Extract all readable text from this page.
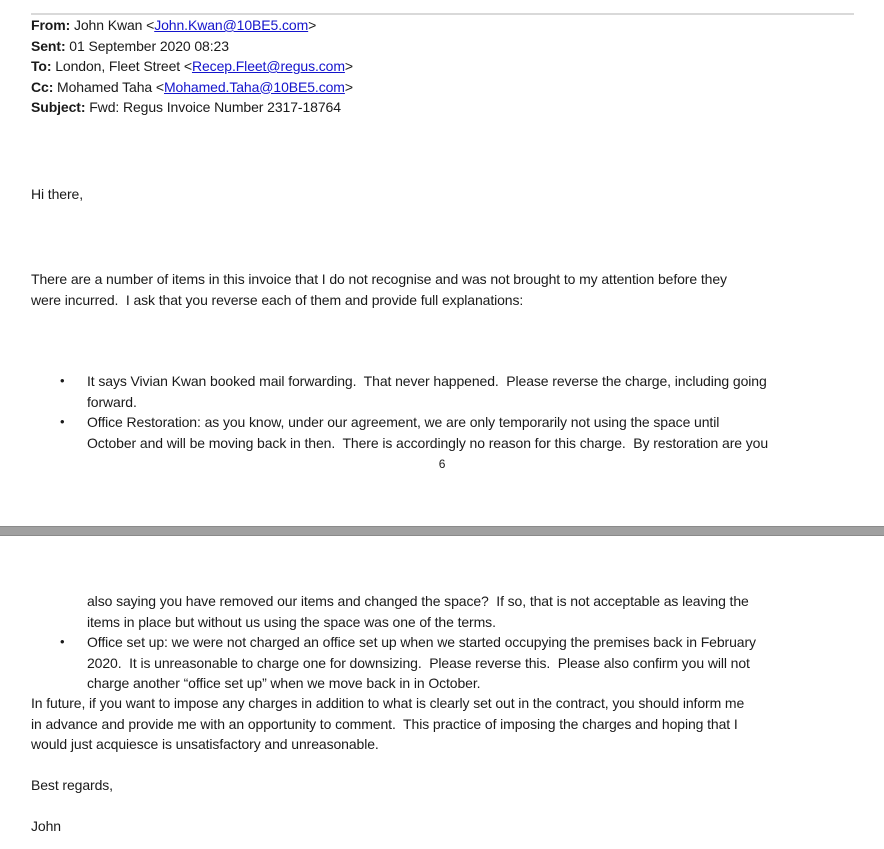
From: John Kwan <John.Kwan@10BE5.com>
Sent: 01 September 2020 08:23
To: London, Fleet Street <Recep.Fleet@regus.com>
Cc: Mohamed Taha <Mohamed.Taha@10BE5.com>
Subject: Fwd: Regus Invoice Number 2317-18764
Hi there,
There are a number of items in this invoice that I do not recognise and was not brought to my attention before they
were incurred.  I ask that you reverse each of them and provide full explanations:
• It says Vivian Kwan booked mail forwarding.  That never happened.  Please reverse the charge, including going
forward.
• Office Restoration: as you know, under our agreement, we are only temporarily not using the space until
October and will be moving back in then.  There is accordingly no reason for this charge.  By restoration are you
6
also saying you have removed our items and changed the space?  If so, that is not acceptable as leaving the
items in place but without us using the space was one of the terms.
• Office set up: we were not charged an office set up when we started occupying the premises back in February
2020.  It is unreasonable to charge one for downsizing.  Please reverse this.  Please also confirm you will not
charge another “office set up” when we move back in in October.
In future, if you want to impose any charges in addition to what is clearly set out in the contract, you should inform me
in advance and provide me with an opportunity to comment.  This practice of imposing the charges and hoping that I
would just acquiesce is unsatisfactory and unreasonable.
Best regards,
John
